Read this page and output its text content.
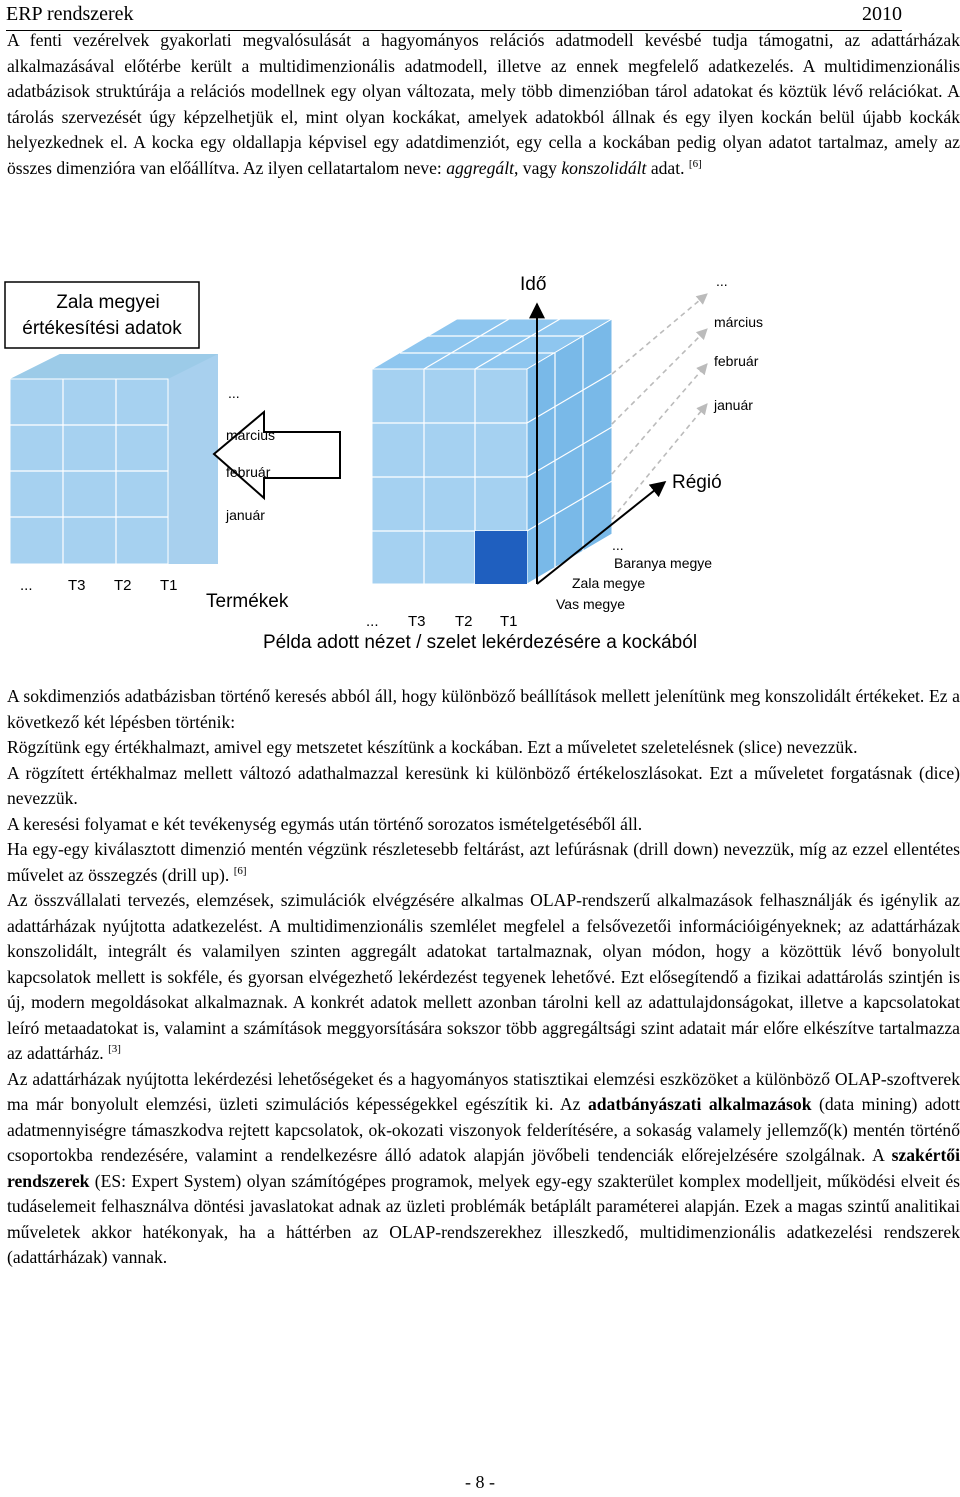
ERP rendszerek	2010

A fenti vezérelvek gyakorlati megvalósulását a hagyományos relációs adatmodell kevésbé tudja támogatni, az adattárházak alkalmazásával előtérbe került a multidimenzionális adatmodell, illetve az ennek megfelelő adatkezelés. A multidimenzionális adatbázisok struktúrája a relációs modellnek egy olyan változata, mely több dimenzióban tárol adatokat és köztük lévő relációkat. A tárolás szervezését úgy képzelhetjük el, mint olyan kockákat, amelyek adatokból állnak és egy ilyen kockán belül újabb kockák helyezkednek el. A kocka egy oldallapja képvisel egy adatdimenziót, egy cella a kockában pedig olyan adatot tartalmaz, amely az összes dimenzióra van előállítva. Az ilyen cellatartalom neve: aggregált, vagy konszolidált adat. [6]

Zala megyei
értékesítési adatok
...
március
február
január
... T3 T2 T1
Idő
Régió
Termékek
...
március
február
január
...
Baranya megye
Zala megye
Vas megye
... T3 T2 T1
Példa adott nézet / szelet lekérdezésére a kockából

A sokdimenziós adatbázisban történő keresés abból áll, hogy különböző beállítások mellett jelenítünk meg konszolidált értékeket. Ez a következő két lépésben történik:

Rögzítünk egy értékhalmazt, amivel egy metszetet készítünk a kockában. Ezt a műveletet szeletelésnek (slice) nevezzük.

A rögzített értékhalmaz mellett változó adathalmazzal keresünk ki különböző értékeloszlásokat. Ezt a műveletet forgatásnak (dice) nevezzük.

A keresési folyamat e két tevékenység egymás után történő sorozatos ismételgetéséből áll.

Ha egy-egy kiválasztott dimenzió mentén végzünk részletesebb feltárást, azt lefúrásnak (drill down) nevezzük, míg az ezzel ellentétes művelet az összegzés (drill up). [6]

Az összvállalati tervezés, elemzések, szimulációk elvégzésére alkalmas OLAP-rendszerű alkalmazások felhasználják és igénylik az adattárházak nyújtotta adatkezelést. A multidimenzionális szemlélet megfelel a felsővezetői információigényeknek; az adattárházak konszolidált, integrált és valamilyen szinten aggregált adatokat tartalmaznak, olyan módon, hogy a közöttük lévő bonyolult kapcsolatok mellett is sokféle, és gyorsan elvégezhető lekérdezést tegyenek lehetővé. Ezt elősegítendő a fizikai adattárolás szintjén is új, modern megoldásokat alkalmaznak. A konkrét adatok mellett azonban tárolni kell az adattulajdonságokat, illetve a kapcsolatokat leíró metaadatokat is, valamint a számítások meggyorsítására sokszor több aggregáltsági szint adatait már előre elkészítve tartalmazza az adattárház. [3]

Az adattárházak nyújtotta lekérdezési lehetőségeket és a hagyományos statisztikai elemzési eszközöket a különböző OLAP-szoftverek ma már bonyolult elemzési, üzleti szimulációs képességekkel egészítik ki. Az adatbányászati alkalmazások (data mining) adott adatmennyiségre támaszkodva rejtett kapcsolatok, ok-okozati viszonyok felderítésére, a sokaság valamely jellemző(k) mentén történő csoportokba rendezésére, valamint a rendelkezésre álló adatok alapján jövőbeli tendenciák előrejelzésére szolgálnak. A szakértői rendszerek (ES: Expert System) olyan számítógépes programok, melyek egy-egy szakterület komplex modelljeit, működési elveit és tudáselemeit felhasználva döntési javaslatokat adnak az üzleti problémák betáplált paraméterei alapján. Ezek a magas szintű analitikai műveletek akkor hatékonyak, ha a háttérben az OLAP-rendszerekhez illeszkedő, multidimenzionális adatkezelési rendszerek (adattárházak) vannak.

- 8 -
